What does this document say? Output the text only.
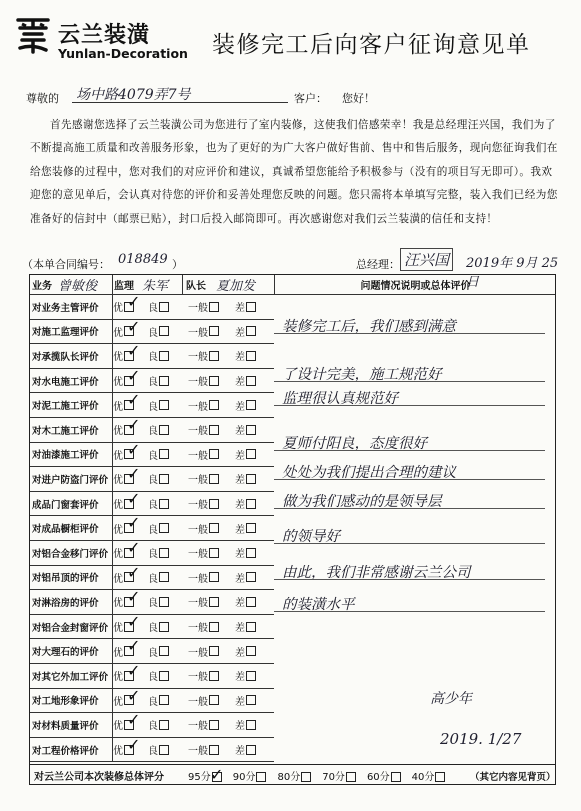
云兰装潢
Yunlan-Decoration 装修完工后向客户征询意见单
尊敬的 场中路4079弄7号	客户： 您好！
首先感谢您选择了云兰装潢公司为您进行了室内装修，这使我们倍感荣幸！我是总经理汪兴国，我们为了不断提高施工质量和改善服务形象，也为了更好的为广大客户做好售前、售中和售后服务，现向您征询我们在给您装修的过程中，您对我们的对应评价和建议，真诚希望您能给予积极参与（没有的项目写无即可）。我欢迎您的意见单后，会认真对待您的评价和妥善处理您反映的问题。您只需将本单填写完整，装入我们已经为您准备好的信封中（邮票已贴），封口后投入邮筒即可。再次感谢您对我们云兰装潢的信任和支持！
（本单合同编号： 018849 ）	总经理： 汪兴国	2019年 9月 25日
业务 曾敏俊	监理 朱军	队长 夏加发	问题情况说明或总体评价
对业务主管评价	优 ✓ 良	一般	差
对施工监理评价	优 ✓ 良	一般	差
对承揽队长评价	优 ✓ 良	一般	差
对水电施工评价	优 ✓ 良	一般	差
对泥工施工评价	优 ✓ 良	一般	差
对木工施工评价	优 ✓ 良	一般	差
对油漆施工评价	优 ✓ 良	一般	差
对进户防盗门评价 优 ✓ 良	一般	差
成品门窗套评价	优 ✓ 良	一般	差
对成品橱柜评价	优 ✓ 良	一般	差
对铝合金移门评价 优 ✓ 良	一般	差
对铝吊顶的评价	优 ✓ 良	一般	差
对淋浴房的评价	优 ✓ 良	一般	差
对铝合金封窗评价 优 ✓ 良	一般	差
对大理石的评价	优 ✓ 良	一般	差
对其它外加工评价 优 ✓ 良	一般	差
对工地形象评价	优 ✓ 良	一般	差
对材料质量评价	优 ✓ 良	一般	差
对工程价格评价	优 ✓ 良	一般	差
装修完工后，我们感到满意
了设计完美，施工规范好
监理很认真规范好
夏师付阳良，态度很好
处处为我们提出合理的建议
做为我们感动的是领导层
的领导好
由此，我们非常感谢云兰公司
的装潢水平
对云兰公司本次装修总体评分	95分 ✓ 90分	80分	70分	60分	40分	（其它内容见背页）
高少年
2019. 1/27
